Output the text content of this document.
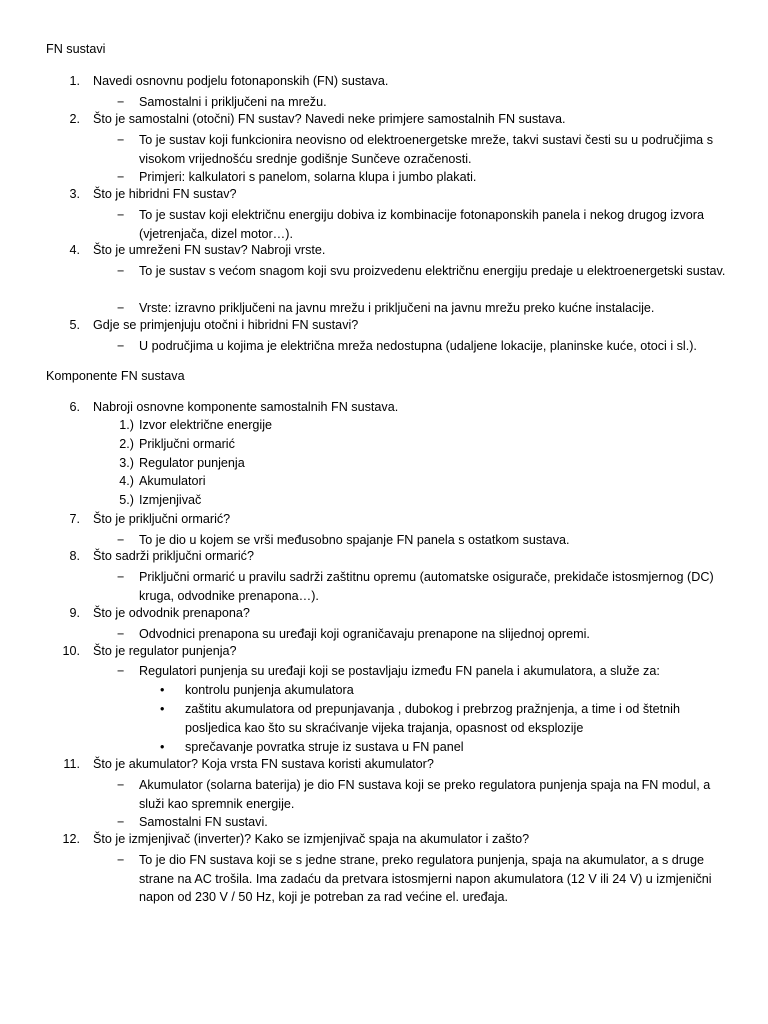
FN sustavi
1. Navedi osnovnu podjelu fotonaponskih (FN) sustava.
− Samostalni i priključeni na mrežu.
2. Što je samostalni (otočni) FN sustav? Navedi neke primjere samostalnih FN sustava.
− To je sustav koji funkcionira neovisno od elektroenergetske mreže, takvi sustavi česti su u područjima s visokom vrijednošću srednje godišnje Sunčeve ozračenosti.
− Primjeri: kalkulatori s panelom, solarna klupa i jumbo plakati.
3. Što je hibridni FN sustav?
− To je sustav koji električnu energiju dobiva iz kombinacije fotonaponskih panela i nekog drugog izvora (vjetrenjača, dizel motor…).
4. Što je umreženi FN sustav? Nabroji vrste.
− To je sustav s većom snagom koji svu proizvedenu električnu energiju predaje u elektroenergetski sustav.
− Vrste: izravno priključeni na javnu mrežu i priključeni na javnu mrežu preko kućne instalacije.
5. Gdje se primjenjuju otočni i hibridni FN sustavi?
− U područjima u kojima je električna mreža nedostupna (udaljene lokacije, planinske kuće, otoci i sl.).
Komponente FN sustava
6. Nabroji osnovne komponente samostalnih FN sustava.
1.) Izvor električne energije
2.) Priključni ormarić
3.) Regulator punjenja
4.) Akumulatori
5.) Izmjenjivač
7. Što je priključni ormarić?
− To je dio u kojem se vrši međusobno spajanje FN panela s ostatkom sustava.
8. Što sadrži priključni ormarić?
− Priključni ormarić u pravilu sadrži zaštitnu opremu (automatske osigurače, prekidače istosmjernog (DC) kruga, odvodnike prenapona…).
9. Što je odvodnik prenapona?
− Odvodnici prenapona su uređaji koji ograničavaju prenapone na slijednoj opremi.
10. Što je regulator punjenja?
− Regulatori punjenja su uređaji koji se postavljaju između FN panela i akumulatora, a služe za:
• kontrolu punjenja akumulatora
• zaštitu akumulatora od prepunjavanja , dubokog i prebrzog pražnjenja, a time i od štetnih posljedica kao što su skraćivanje vijeka trajanja, opasnost od eksplozije
• sprečavanje povratka struje iz sustava u FN panel
11. Što je akumulator? Koja vrsta FN sustava koristi akumulator?
− Akumulator (solarna baterija) je dio FN sustava koji se preko regulatora punjenja spaja na FN modul, a služi kao spremnik energije.
− Samostalni FN sustavi.
12. Što je izmjenjivač (inverter)? Kako se izmjenjivač spaja na akumulator i zašto?
− To je dio FN sustava koji se s jedne strane, preko regulatora punjenja, spaja na akumulator, a s druge strane na AC trošila. Ima zadaću da pretvara istosmjerni napon akumulatora (12 V ili 24 V) u izmjenični napon od 230 V / 50 Hz, koji je potreban za rad većine el. uređaja.
